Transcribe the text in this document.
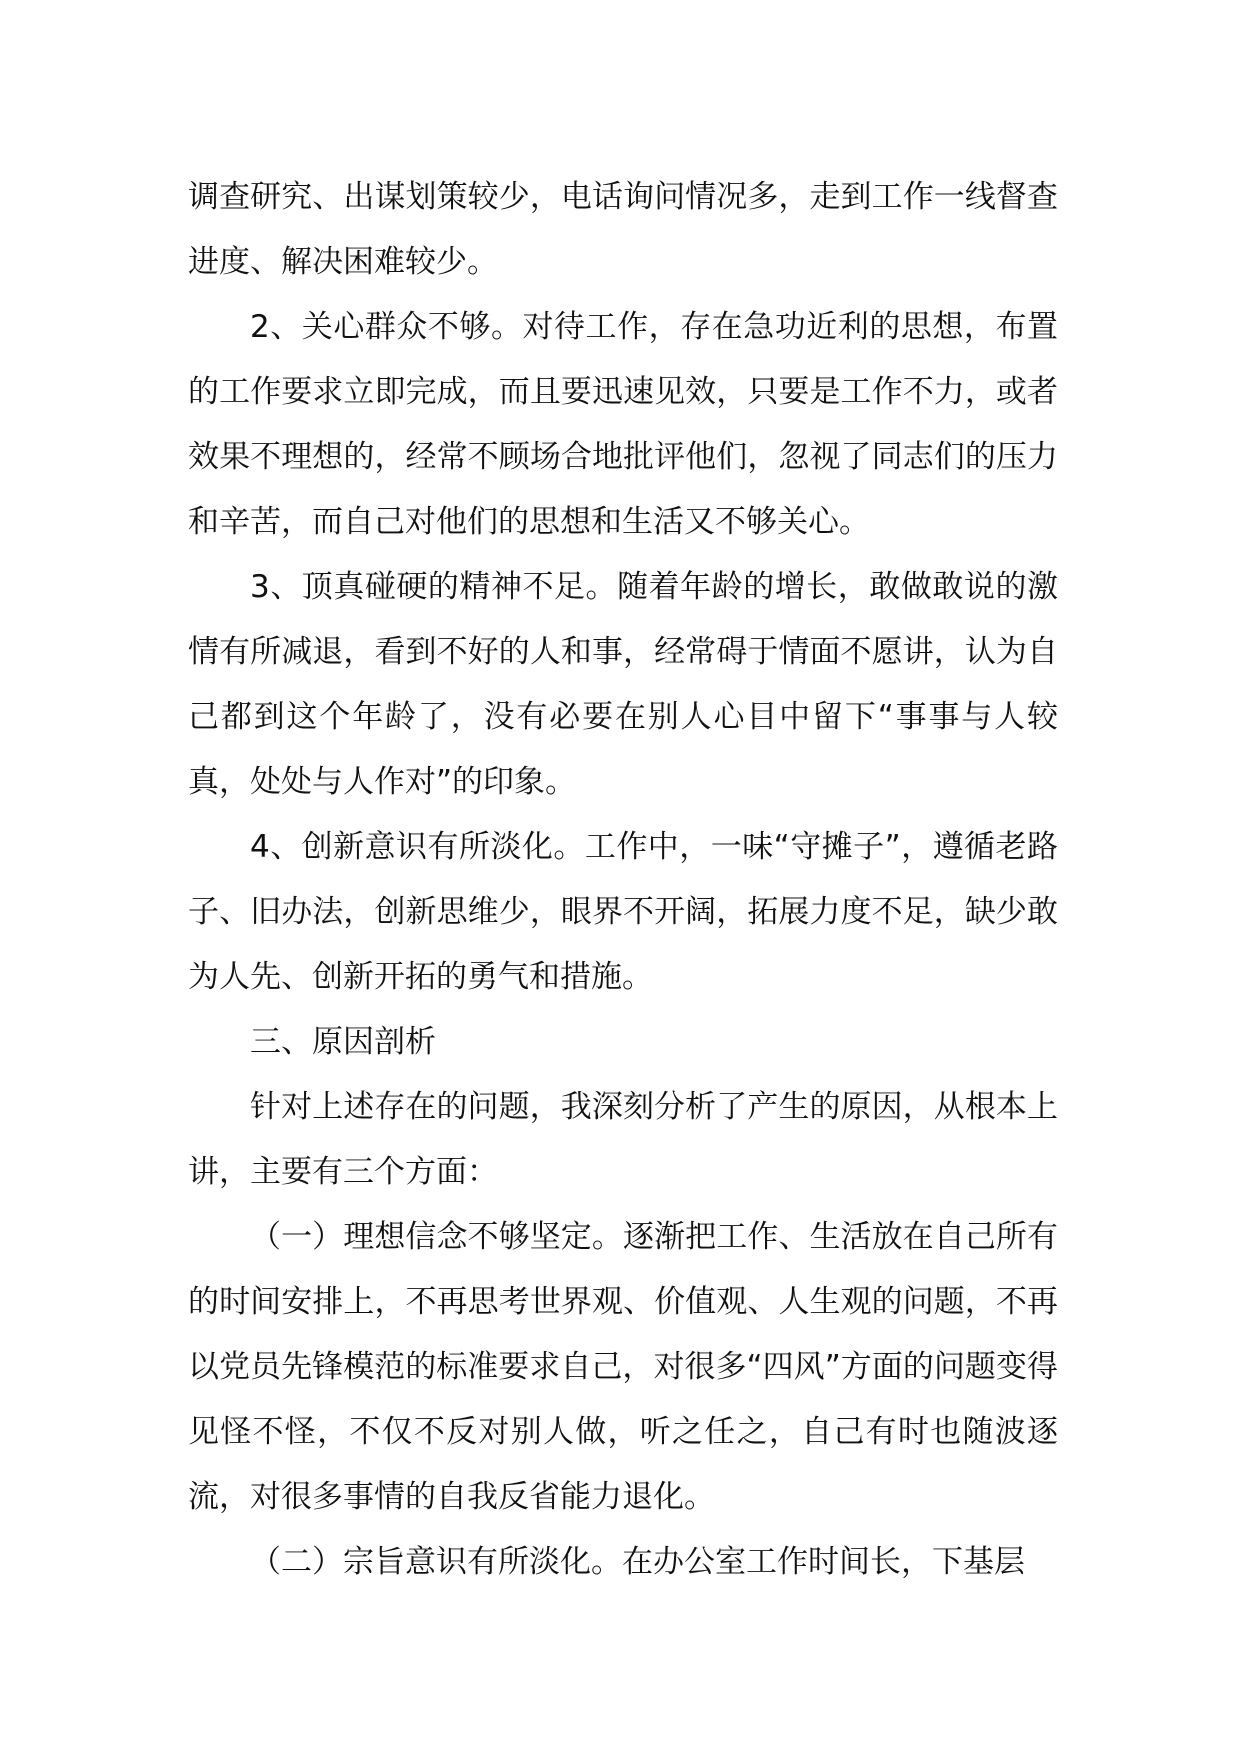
调查研究、出谋划策较少，电话询问情况多，走到工作一线督查进度、解决困难较少。

2、关心群众不够。对待工作，存在急功近利的思想，布置的工作要求立即完成，而且要迅速见效，只要是工作不力，或者效果不理想的，经常不顾场合地批评他们，忽视了同志们的压力和辛苦，而自己对他们的思想和生活又不够关心。

3、顶真碰硬的精神不足。随着年龄的增长，敢做敢说的激情有所减退，看到不好的人和事，经常碍于情面不愿讲，认为自己都到这个年龄了，没有必要在别人心目中留下“事事与人较真，处处与人作对”的印象。

4、创新意识有所淡化。工作中，一味“守摊子”，遵循老路子、旧办法，创新思维少，眼界不开阔，拓展力度不足，缺少敢为人先、创新开拓的勇气和措施。

三、原因剖析

针对上述存在的问题，我深刻分析了产生的原因，从根本上讲，主要有三个方面：

（一）理想信念不够坚定。逐渐把工作、生活放在自己所有的时间安排上，不再思考世界观、价值观、人生观的问题，不再以党员先锋模范的标准要求自己，对很多“四风”方面的问题变得见怪不怪，不仅不反对别人做，听之任之，自己有时也随波逐流，对很多事情的自我反省能力退化。

（二）宗旨意识有所淡化。在办公室工作时间长，下基层
